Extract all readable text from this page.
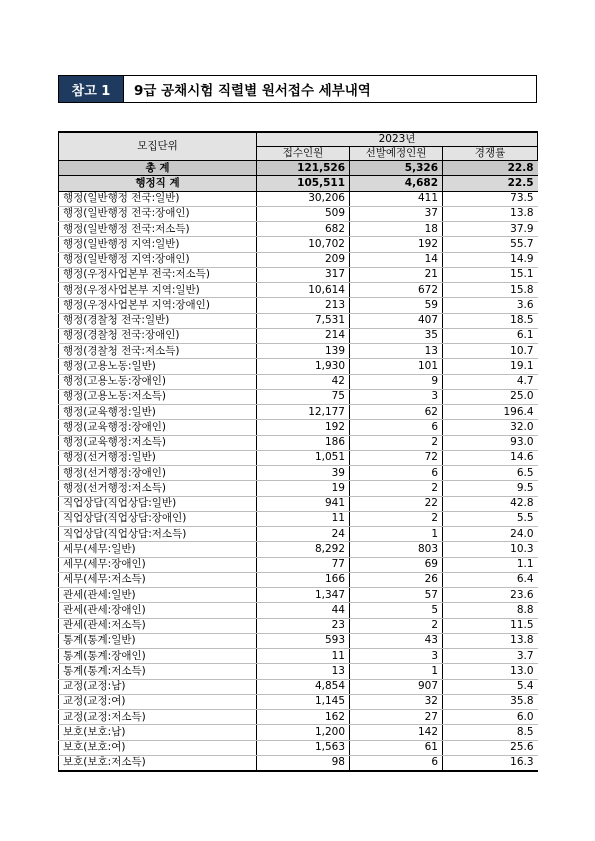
참고 1	9급 공채시험 직렬별 원서접수 세부내역
모집단위	2023년		
	접수인원	선발예정인원	경쟁률
총 계	121,526	5,326	22.8
행정직 계	105,511	4,682	22.5
행정(일반행정 전국:일반)	30,206	411	73.5
행정(일반행정 전국:장애인)	509	37	13.8
행정(일반행정 전국:저소득)	682	18	37.9
행정(일반행정 지역:일반)	10,702	192	55.7
행정(일반행정 지역:장애인)	209	14	14.9
행정(우정사업본부 전국:저소득)	317	21	15.1
행정(우정사업본부 지역:일반)	10,614	672	15.8
행정(우정사업본부 지역:장애인)	213	59	3.6
행정(경찰청 전국:일반)	7,531	407	18.5
행정(경찰청 전국:장애인)	214	35	6.1
행정(경찰청 전국:저소득)	139	13	10.7
행정(고용노동:일반)	1,930	101	19.1
행정(고용노동:장애인)	42	9	4.7
행정(고용노동:저소득)	75	3	25.0
행정(교육행정:일반)	12,177	62	196.4
행정(교육행정:장애인)	192	6	32.0
행정(교육행정:저소득)	186	2	93.0
행정(선거행정:일반)	1,051	72	14.6
행정(선거행정:장애인)	39	6	6.5
행정(선거행정:저소득)	19	2	9.5
직업상담(직업상담:일반)	941	22	42.8
직업상담(직업상담:장애인)	11	2	5.5
직업상담(직업상담:저소득)	24	1	24.0
세무(세무:일반)	8,292	803	10.3
세무(세무:장애인)	77	69	1.1
세무(세무:저소득)	166	26	6.4
관세(관세:일반)	1,347	57	23.6
관세(관세:장애인)	44	5	8.8
관세(관세:저소득)	23	2	11.5
통계(통계:일반)	593	43	13.8
통계(통계:장애인)	11	3	3.7
통계(통계:저소득)	13	1	13.0
교정(교정:남)	4,854	907	5.4
교정(교정:여)	1,145	32	35.8
교정(교정:저소득)	162	27	6.0
보호(보호:남)	1,200	142	8.5
보호(보호:여)	1,563	61	25.6
보호(보호:저소득)	98	6	16.3
